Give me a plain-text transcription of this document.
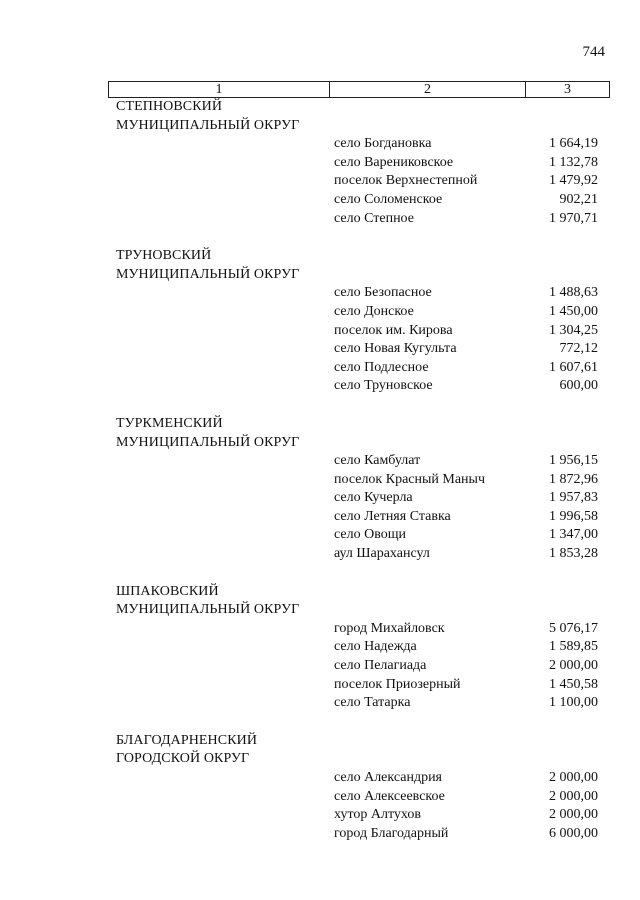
744
1	2	3
СТЕПНОВСКИЙ
МУНИЦИПАЛЬНЫЙ ОКРУГ
село Богдановка	1 664,19
село Варениковское	1 132,78
поселок Верхнестепной	1 479,92
село Соломенское	902,21
село Степное	1 970,71
ТРУНОВСКИЙ
МУНИЦИПАЛЬНЫЙ ОКРУГ
село Безопасное	1 488,63
село Донское	1 450,00
поселок им. Кирова	1 304,25
село Новая Кугульта	772,12
село Подлесное	1 607,61
село Труновское	600,00
ТУРКМЕНСКИЙ
МУНИЦИПАЛЬНЫЙ ОКРУГ
село Камбулат	1 956,15
поселок Красный Маныч	1 872,96
село Кучерла	1 957,83
село Летняя Ставка	1 996,58
село Овощи	1 347,00
аул Шарахансул	1 853,28
ШПАКОВСКИЙ
МУНИЦИПАЛЬНЫЙ ОКРУГ
город Михайловск	5 076,17
село Надежда	1 589,85
село Пелагиада	2 000,00
поселок Приозерный	1 450,58
село Татарка	1 100,00
БЛАГОДАРНЕНСКИЙ
ГОРОДСКОЙ ОКРУГ
село Александрия	2 000,00
село Алексеевское	2 000,00
хутор Алтухов	2 000,00
город Благодарный	6 000,00
